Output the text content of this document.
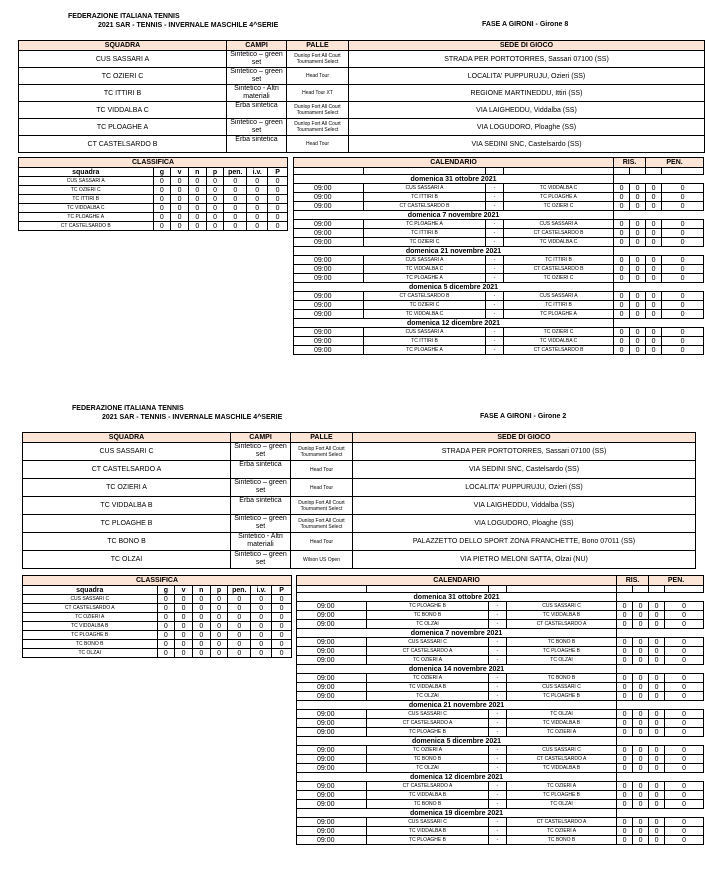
FEDERAZIONE ITALIANA TENNIS
2021 SAR - TENNIS - INVERNALE MASCHILE 4^SERIE	FASE A GIRONI - Girone 8
SQUADRA	CAMPI	PALLE	SEDE DI GIOCO
CUS SASSARI A	Sintetico – green set	Dunlop Fort All Court Tournament Select	STRADA PER PORTOTORRES, Sassari 07100 (SS)
TC OZIERI C	Sintetico – green set	Head Tour	LOCALITA' PUPPURUJU, Ozieri (SS)
TC ITTIRI B	Sintetico - Altri materiali	Head Tour XT	REGIONE MARTINEDDU, Ittiri (SS)
TC VIDDALBA C	Erba sintetica	Dunlop Fort All Court Tournament Select	VIA LAIGHEDDU, Viddalba (SS)
TC PLOAGHE A	Sintetico – green set	Dunlop Fort All Court Tournament Select	VIA LOGUDORO, Ploaghe (SS)
CT CASTELSARDO B	Erba sintetica	Head Tour	VIA SEDINI SNC, Castelsardo (SS)
CLASSIFICA							
squadra	g	v	n	p	pen.	i.v.	P
CUS SASSARI A	0	0	0	0	0	0	0
TC OZIERI C	0	0	0	0	0	0	0
TC ITTIRI B	0	0	0	0	0	0	0
TC VIDDALBA C	0	0	0	0	0	0	0
TC PLOAGHE A	0	0	0	0	0	0	0
CT CASTELSARDO B	0	0	0	0	0	0	0
CALENDARIO				RIS.		PEN.	

domenica 31 ottobre 2021							
09:00	CUS SASSARI A	-	TC VIDDALBA C	0	0	0	0
09:00	TC ITTIRI B	-	TC PLOAGHE A	0	0	0	0
09:00	CT CASTELSARDO B	-	TC OZIERI C	0	0	0	0
domenica 7 novembre 2021							
09:00	TC PLOAGHE A	-	CUS SASSARI A	0	0	0	0
09:00	TC ITTIRI B	-	CT CASTELSARDO B	0	0	0	0
09:00	TC OZIERI C	-	TC VIDDALBA C	0	0	0	0
domenica 21 novembre 2021							
09:00	CUS SASSARI A	-	TC ITTIRI B	0	0	0	0
09:00	TC VIDDALBA C	-	CT CASTELSARDO B	0	0	0	0
09:00	TC PLOAGHE A	-	TC OZIERI C	0	0	0	0
domenica 5 dicembre 2021							
09:00	CT CASTELSARDO B	-	CUS SASSARI A	0	0	0	0
09:00	TC OZIERI C	-	TC ITTIRI B	0	0	0	0
09:00	TC VIDDALBA C	-	TC PLOAGHE A	0	0	0	0
domenica 12 dicembre 2021							
09:00	CUS SASSARI A	-	TC OZIERI C	0	0	0	0
09:00	TC ITTIRI B	-	TC VIDDALBA C	0	0	0	0
09:00	TC PLOAGHE A	-	CT CASTELSARDO B	0	0	0	0
FEDERAZIONE ITALIANA TENNIS
2021 SAR - TENNIS - INVERNALE MASCHILE 4^SERIE	FASE A GIRONI - Girone 2
SQUADRA	CAMPI	PALLE	SEDE DI GIOCO
CUS SASSARI C	Sintetico – green set	Dunlop Fort All Court Tournament Select	STRADA PER PORTOTORRES, Sassari 07100 (SS)
CT CASTELSARDO A	Erba sintetica	Head Tour	VIA SEDINI SNC, Castelsardo (SS)
TC OZIERI A	Sintetico – green set	Head Tour	LOCALITA' PUPPURUJU, Ozieri (SS)
TC VIDDALBA B	Erba sintetica	Dunlop Fort All Court Tournament Select	VIA LAIGHEDDU, Viddalba (SS)
TC PLOAGHE B	Sintetico – green set	Dunlop Fort All Court Tournament Select	VIA LOGUDORO, Ploaghe (SS)
TC BONO B	Sintetico - Altri materiali	Head Tour	PALAZZETTO DELLO SPORT ZONA FRANCHETTE, Bono 07011 (SS)
TC OLZAI	Sintetico – green set	Wilson US Open	VIA PIETRO MELONI SATTA, Olzai (NU)
CLASSIFICA							
squadra	g	v	n	p	pen.	i.v.	P
CUS SASSARI C	0	0	0	0	0	0	0
CT CASTELSARDO A	0	0	0	0	0	0	0
TC OZIERI A	0	0	0	0	0	0	0
TC VIDDALBA B	0	0	0	0	0	0	0
TC PLOAGHE B	0	0	0	0	0	0	0
TC BONO B	0	0	0	0	0	0	0
TC OLZAI	0	0	0	0	0	0	0
CALENDARIO				RIS.		PEN.	

domenica 31 ottobre 2021							
09:00	TC PLOAGHE B	-	CUS SASSARI C	0	0	0	0
09:00	TC BONO B	-	TC VIDDALBA B	0	0	0	0
09:00	TC OLZAI	-	CT CASTELSARDO A	0	0	0	0
domenica 7 novembre 2021							
09:00	CUS SASSARI C	-	TC BONO B	0	0	0	0
09:00	CT CASTELSARDO A	-	TC PLOAGHE B	0	0	0	0
09:00	TC OZIERI A	-	TC OLZAI	0	0	0	0
domenica 14 novembre 2021							
09:00	TC OZIERI A	-	TC BONO B	0	0	0	0
09:00	TC VIDDALBA B	-	CUS SASSARI C	0	0	0	0
09:00	TC OLZAI	-	TC PLOAGHE B	0	0	0	0
domenica 21 novembre 2021							
09:00	CUS SASSARI C	-	TC OLZAI	0	0	0	0
09:00	CT CASTELSARDO A	-	TC VIDDALBA B	0	0	0	0
09:00	TC PLOAGHE B	-	TC OZIERI A	0	0	0	0
domenica 5 dicembre 2021							
09:00	TC OZIERI A	-	CUS SASSARI C	0	0	0	0
09:00	TC BONO B	-	CT CASTELSARDO A	0	0	0	0
09:00	TC OLZAI	-	TC VIDDALBA B	0	0	0	0
domenica 12 dicembre 2021							
09:00	CT CASTELSARDO A	-	TC OZIERI A	0	0	0	0
09:00	TC VIDDALBA B	-	TC PLOAGHE B	0	0	0	0
09:00	TC BONO B	-	TC OLZAI	0	0	0	0
domenica 19 dicembre 2021							
09:00	CUS SASSARI C	-	CT CASTELSARDO A	0	0	0	0
09:00	TC VIDDALBA B	-	TC OZIERI A	0	0	0	0
09:00	TC PLOAGHE B	-	TC BONO B	0	0	0	0
